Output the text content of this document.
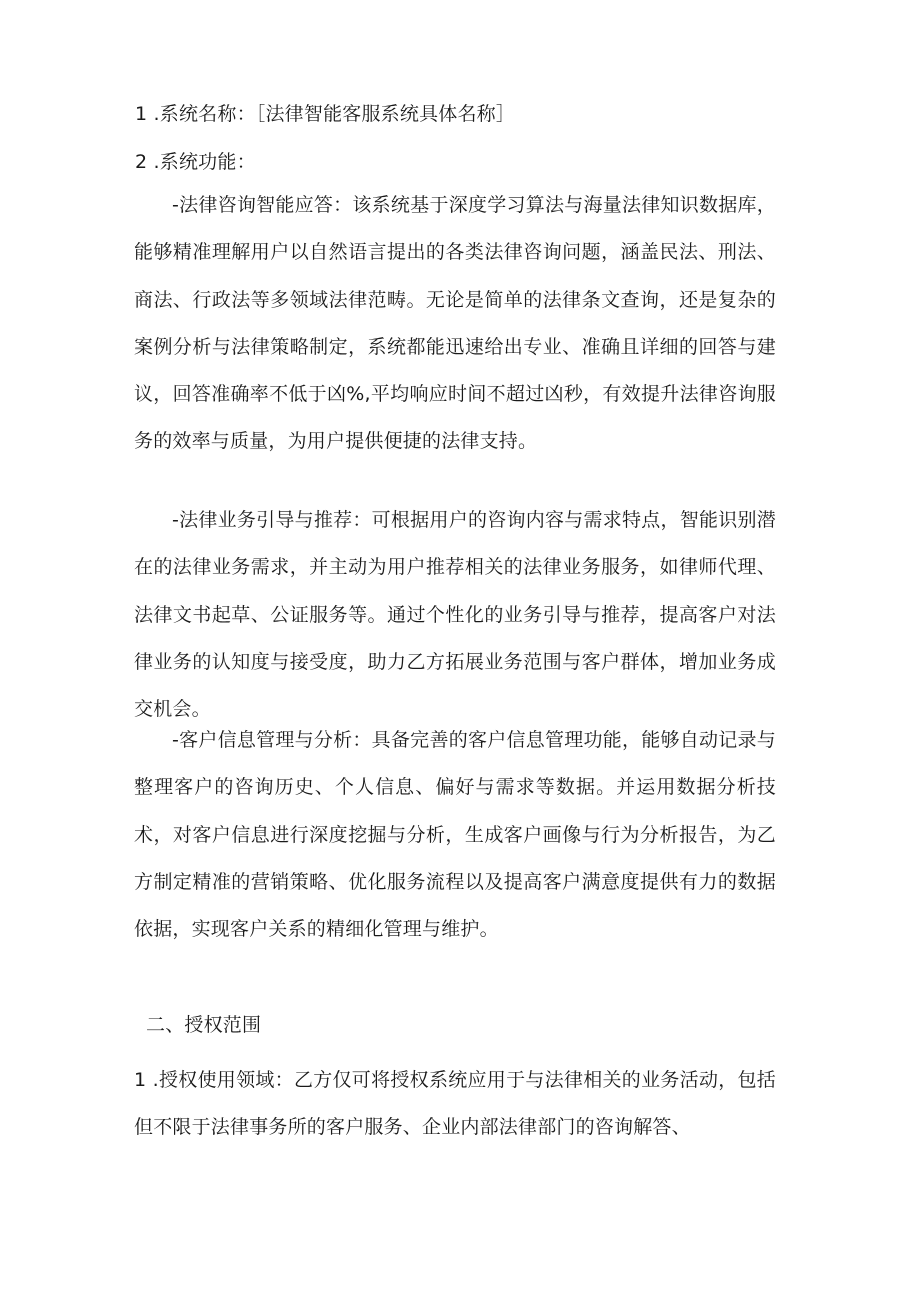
1 .系统名称：［法律智能客服系统具体名称］

2 .系统功能：

-法律咨询智能应答：该系统基于深度学习算法与海量法律知识数据库，能够精准理解用户以自然语言提出的各类法律咨询问题，涵盖民法、刑法、商法、行政法等多领域法律范畴。无论是简单的法律条文查询，还是复杂的案例分析与法律策略制定，系统都能迅速给出专业、准确且详细的回答与建议，回答准确率不低于凶%,平均响应时间不超过凶秒，有效提升法律咨询服务的效率与质量，为用户提供便捷的法律支持。

-法律业务引导与推荐：可根据用户的咨询内容与需求特点，智能识别潜在的法律业务需求，并主动为用户推荐相关的法律业务服务，如律师代理、法律文书起草、公证服务等。通过个性化的业务引导与推荐，提高客户对法律业务的认知度与接受度，助力乙方拓展业务范围与客户群体，增加业务成交机会。

-客户信息管理与分析：具备完善的客户信息管理功能，能够自动记录与整理客户的咨询历史、个人信息、偏好与需求等数据。并运用数据分析技术，对客户信息进行深度挖掘与分析，生成客户画像与行为分析报告，为乙方制定精准的营销策略、优化服务流程以及提高客户满意度提供有力的数据依据，实现客户关系的精细化管理与维护。

二、授权范围

1 .授权使用领域：乙方仅可将授权系统应用于与法律相关的业务活动，包括但不限于法律事务所的客户服务、企业内部法律部门的咨询解答、
